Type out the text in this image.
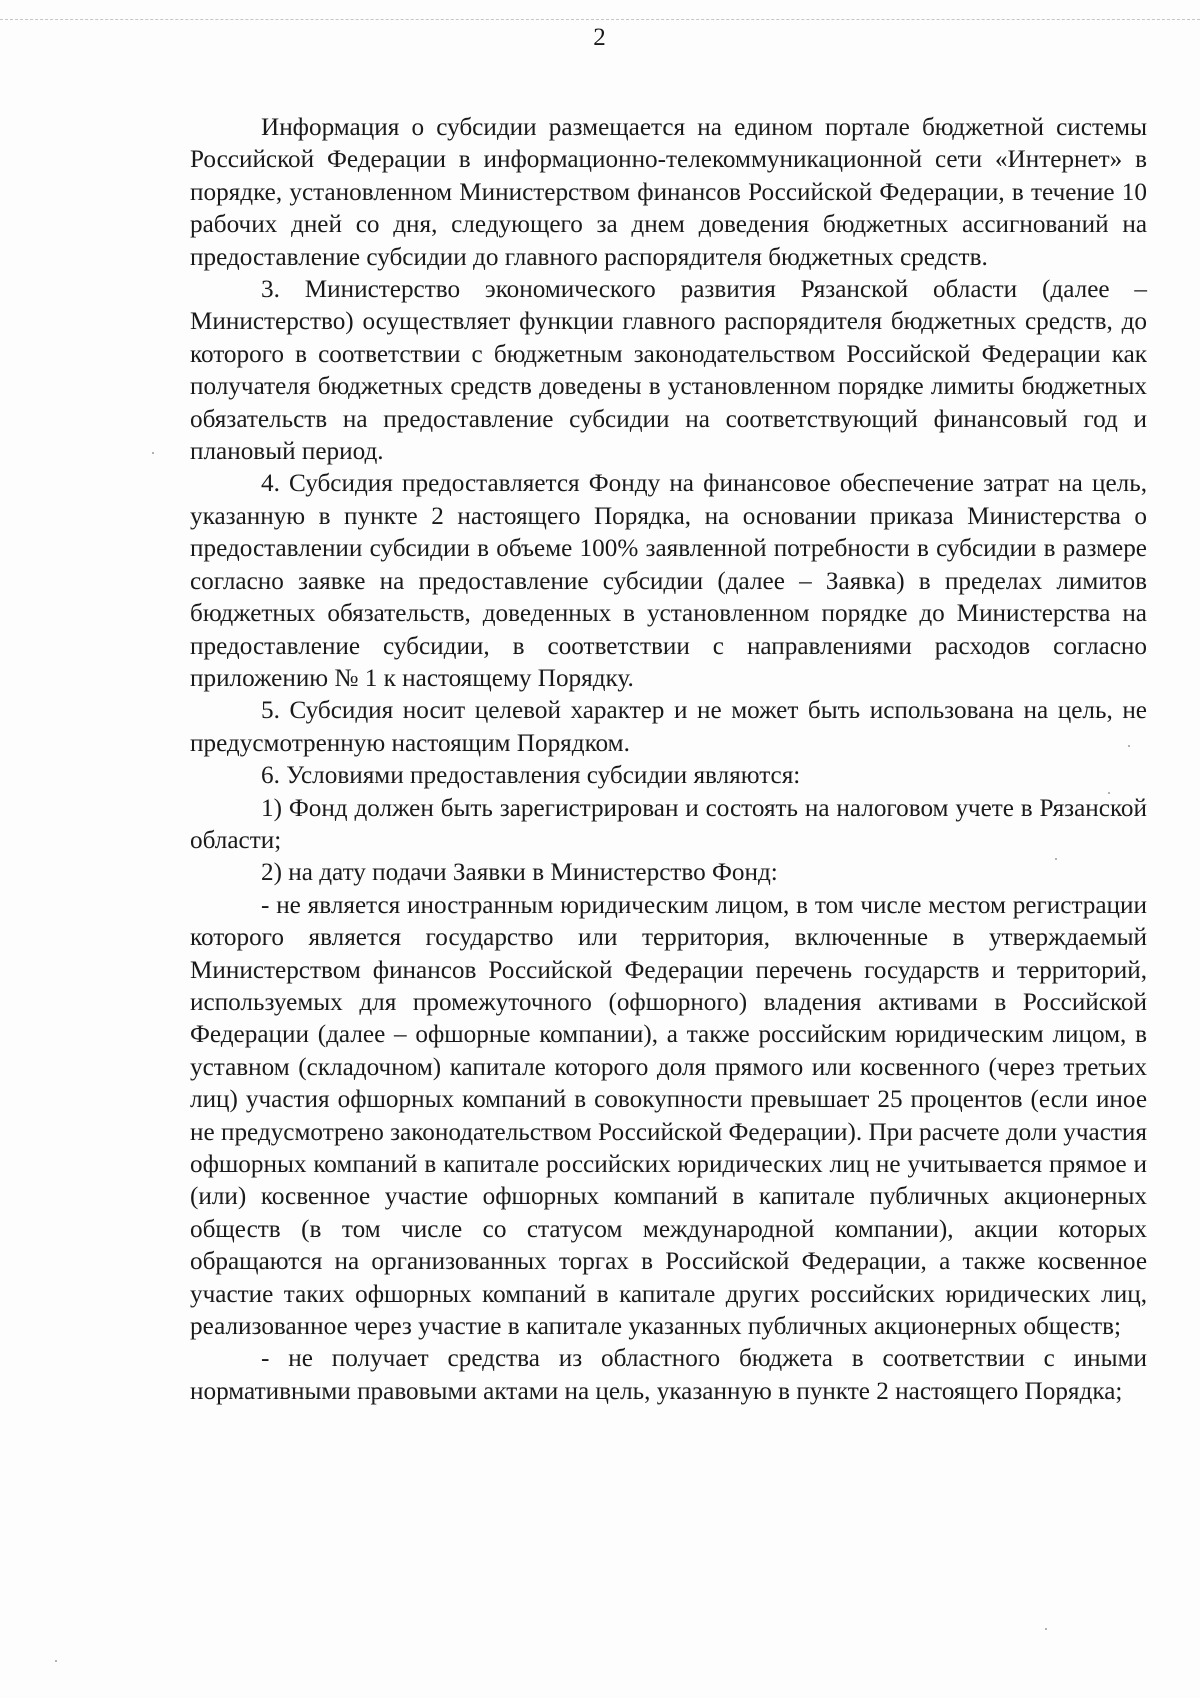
2

Информация о субсидии размещается на едином портале бюджетной системы Российской Федерации в информационно-телекоммуникационной сети «Интернет» в порядке, установленном Министерством финансов Российской Федерации, в течение 10 рабочих дней со дня, следующего за днем доведения бюджетных ассигнований на предоставление субсидии до главного распорядителя бюджетных средств.

3. Министерство экономического развития Рязанской области (далее – Министерство) осуществляет функции главного распорядителя бюджетных средств, до которого в соответствии с бюджетным законодательством Российской Федерации как получателя бюджетных средств доведены в установленном порядке лимиты бюджетных обязательств на предоставление субсидии на соответствующий финансовый год и плановый период.

4. Субсидия предоставляется Фонду на финансовое обеспечение затрат на цель, указанную в пункте 2 настоящего Порядка, на основании приказа Министерства о предоставлении субсидии в объеме 100% заявленной потребности в субсидии в размере согласно заявке на предоставление субсидии (далее – Заявка) в пределах лимитов бюджетных обязательств, доведенных в установленном порядке до Министерства на предоставление субсидии, в соответствии с направлениями расходов согласно приложению № 1 к настоящему Порядку.

5. Субсидия носит целевой характер и не может быть использована на цель, не предусмотренную настоящим Порядком.

6. Условиями предоставления субсидии являются:

1) Фонд должен быть зарегистрирован и состоять на налоговом учете в Рязанской области;

2) на дату подачи Заявки в Министерство Фонд:

- не является иностранным юридическим лицом, в том числе местом регистрации которого является государство или территория, включенные в утверждаемый Министерством финансов Российской Федерации перечень государств и территорий, используемых для промежуточного (офшорного) владения активами в Российской Федерации (далее – офшорные компании), а также российским юридическим лицом, в уставном (складочном) капитале которого доля прямого или косвенного (через третьих лиц) участия офшорных компаний в совокупности превышает 25 процентов (если иное не предусмотрено законодательством Российской Федерации). При расчете доли участия офшорных компаний в капитале российских юридических лиц не учитывается прямое и (или) косвенное участие офшорных компаний в капитале публичных акционерных обществ (в том числе со статусом международной компании), акции которых обращаются на организованных торгах в Российской Федерации, а также косвенное участие таких офшорных компаний в капитале других российских юридических лиц, реализованное через участие в капитале указанных публичных акционерных обществ;

- не получает средства из областного бюджета в соответствии с иными нормативными правовыми актами на цель, указанную в пункте 2 настоящего Порядка;
